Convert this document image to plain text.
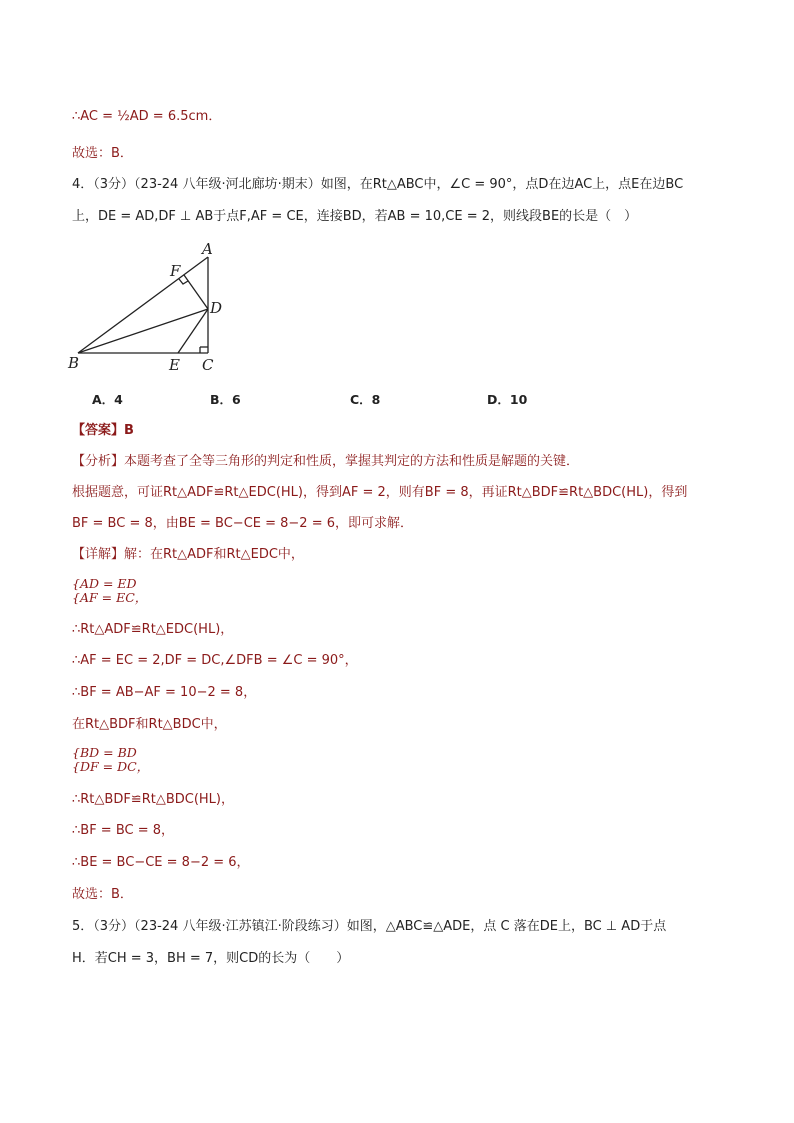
∴AC = ½AD = 6.5cm．
故选：B．
4．（3分）（23-24 八年级·河北廊坊·期末）如图，在Rt△ABC中，∠C = 90°，点D在边AC上，点E在边BC
上，DE = AD,DF ⊥ AB于点F,AF = CE，连接BD，若AB = 10,CE = 2，则线段BE的长是（　）
A
B	C
D
E
F
A．4	B．6	C．8	D．10
【答案】B
【分析】本题考查了全等三角形的判定和性质，掌握其判定的方法和性质是解题的关键．
根据题意，可证Rt△ADF≌Rt△EDC(HL)，得到AF = 2，则有BF = 8，再证Rt△BDF≌Rt△BDC(HL)，得到
BF = BC = 8，由BE = BC−CE = 8−2 = 6，即可求解．
【详解】解：在Rt△ADF和Rt△EDC中，
{AD = ED
{AF = EC，
∴Rt△ADF≌Rt△EDC(HL)，
∴AF = EC = 2,DF = DC,∠DFB = ∠C = 90°，
∴BF = AB−AF = 10−2 = 8，
在Rt△BDF和Rt△BDC中，
{BD = BD
{DF = DC，
∴Rt△BDF≌Rt△BDC(HL)，
∴BF = BC = 8，
∴BE = BC−CE = 8−2 = 6，
故选：B．
5．（3分）（23-24 八年级·江苏镇江·阶段练习）如图，△ABC≌△ADE，点 C 落在DE上，BC ⊥ AD于点
H．若CH = 3，BH = 7，则CD的长为（　　）
